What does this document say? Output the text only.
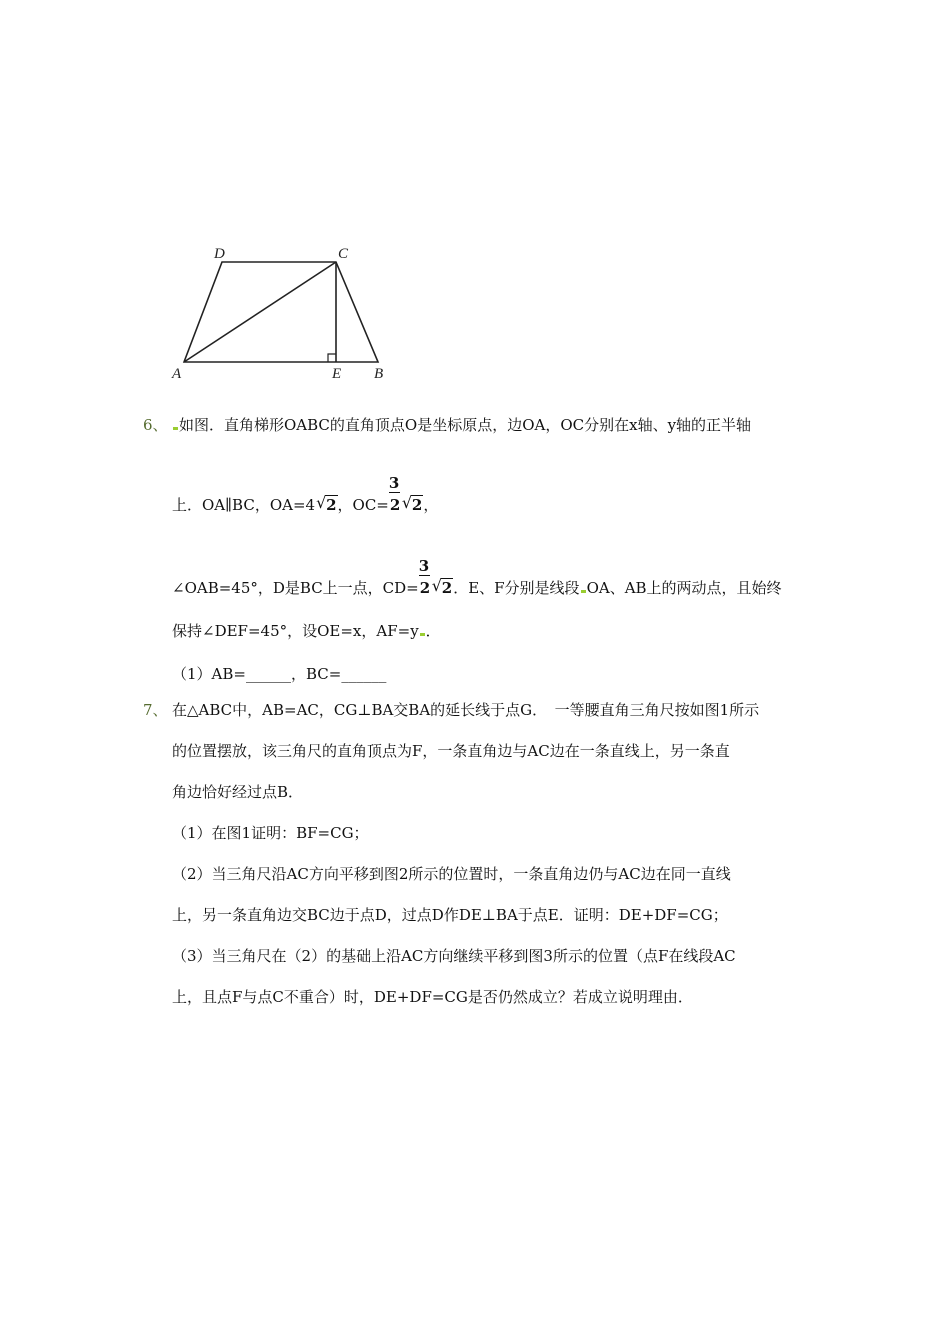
D	C
A	E B
6、 如图．直角梯形OABC的直角顶点O是坐标原点，边OA，OC分别在x轴、y轴的正半轴
上．OA∥BC，OA=4 √ 2，$OC= \frac{3}{2}$ √ 2，
∠OAB=45°，D是BC上一点，$CD= \frac{3}{2}$ √ 2．E、F分别是线段 OA、AB上的两动点，且始终
保持∠DEF=45°，设OE=x，AF=y ．
（1）AB=______，BC=______
7、 在△ABC中，AB=AC，CG⊥BA交BA的延长线于点G．　一等腰直角三角尺按如图1所示
的位置摆放，该三角尺的直角顶点为F，一条直角边与AC边在一条直线上，另一条直
角边恰好经过点B．
（1）在图1证明：BF=CG；
（2）当三角尺沿AC方向平移到图2所示的位置时，一条直角边仍与AC边在同一直线
上，另一条直角边交BC边于点D，过点D作DE⊥BA于点E．证明：DE+DF=CG；
（3）当三角尺在（2）的基础上沿AC方向继续平移到图3所示的位置（点F在线段AC
上，且点F与点C不重合）时，DE+DF=CG是否仍然成立？若成立说明理由．
